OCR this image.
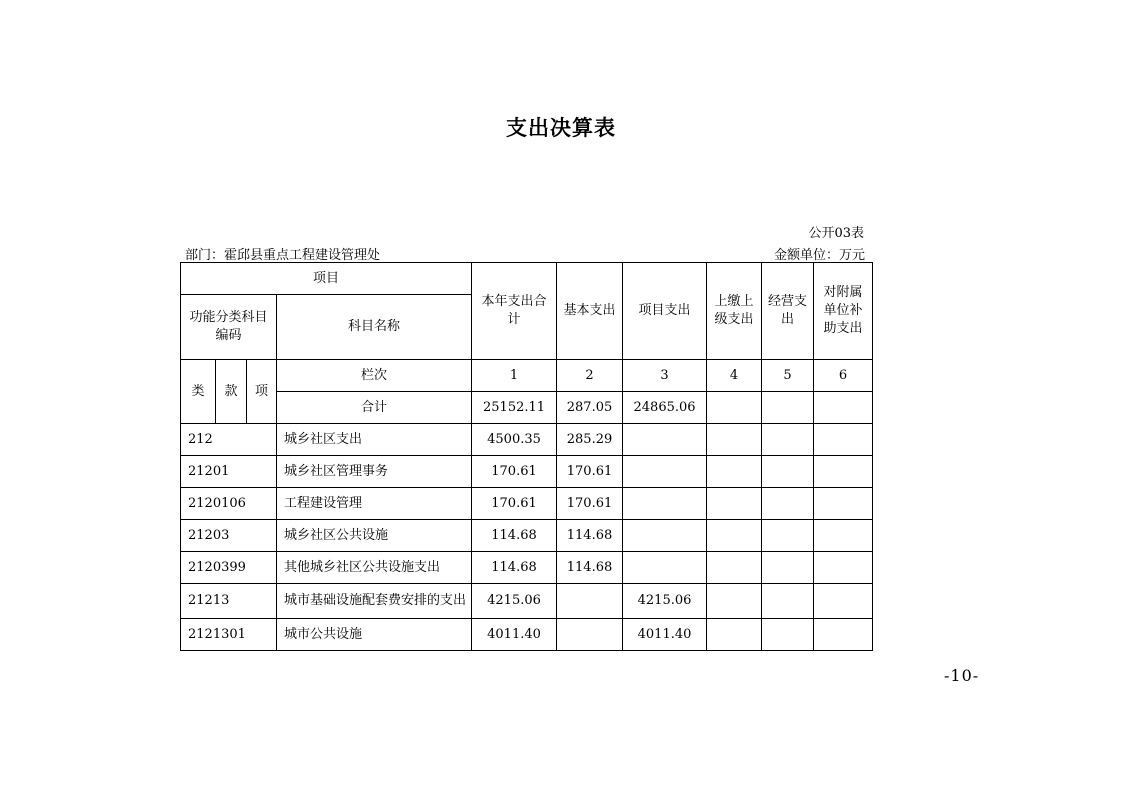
支出决算表
公开03表
部门：霍邱县重点工程建设管理处	金额单位：万元
项目				本年支出合计	基本支出	项目支出	上缴上级支出	经营支出	对附属单位补助支出
功能分类科目编码			科目名称						
类	款	项	栏次	1	2	3	4	5	6
			合计	25152.11	287.05	24865.06			
212			城乡社区支出	4500.35	285.29				
21201			城乡社区管理事务	170.61	170.61				
2120106			工程建设管理	170.61	170.61				
21203			城乡社区公共设施	114.68	114.68				
2120399			其他城乡社区公共设施支出	114.68	114.68				
21213			城市基础设施配套费安排的支出	4215.06		4215.06			
2121301			城市公共设施	4011.40		4011.40			
-10-
